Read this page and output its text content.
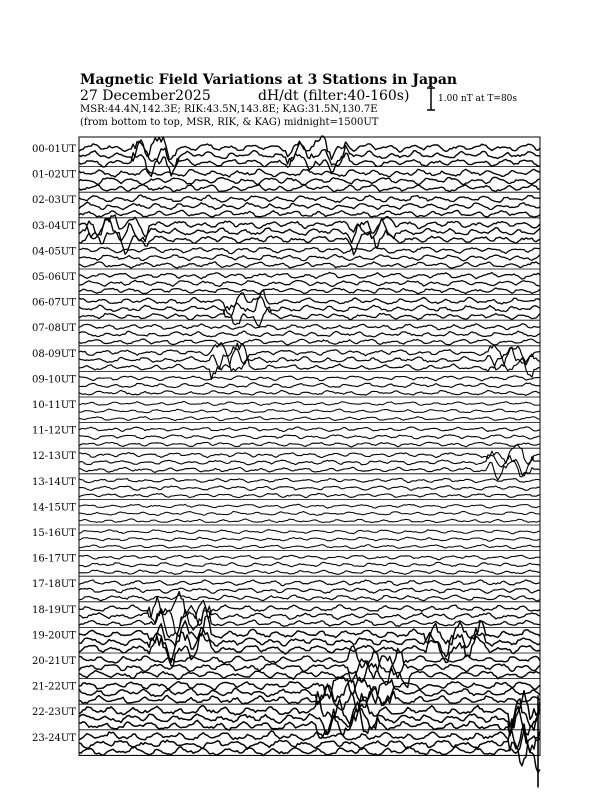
Magnetic Field Variations at 3 Stations in Japan
27 December2025	dH/dt (filter:40-160s)
MSR:44.4N,142.3E; RIK:43.5N,143.8E; KAG:31.5N,130.7E
(from bottom to top, MSR, RIK, & KAG) midnight=1500UT
1.00 nT at T=80s
00-01UT
01-02UT
02-03UT
03-04UT
04-05UT
05-06UT
06-07UT
07-08UT
08-09UT
09-10UT
10-11UT
11-12UT
12-13UT
13-14UT
14-15UT
15-16UT
16-17UT
17-18UT
18-19UT
19-20UT
20-21UT
21-22UT
22-23UT
23-24UT
